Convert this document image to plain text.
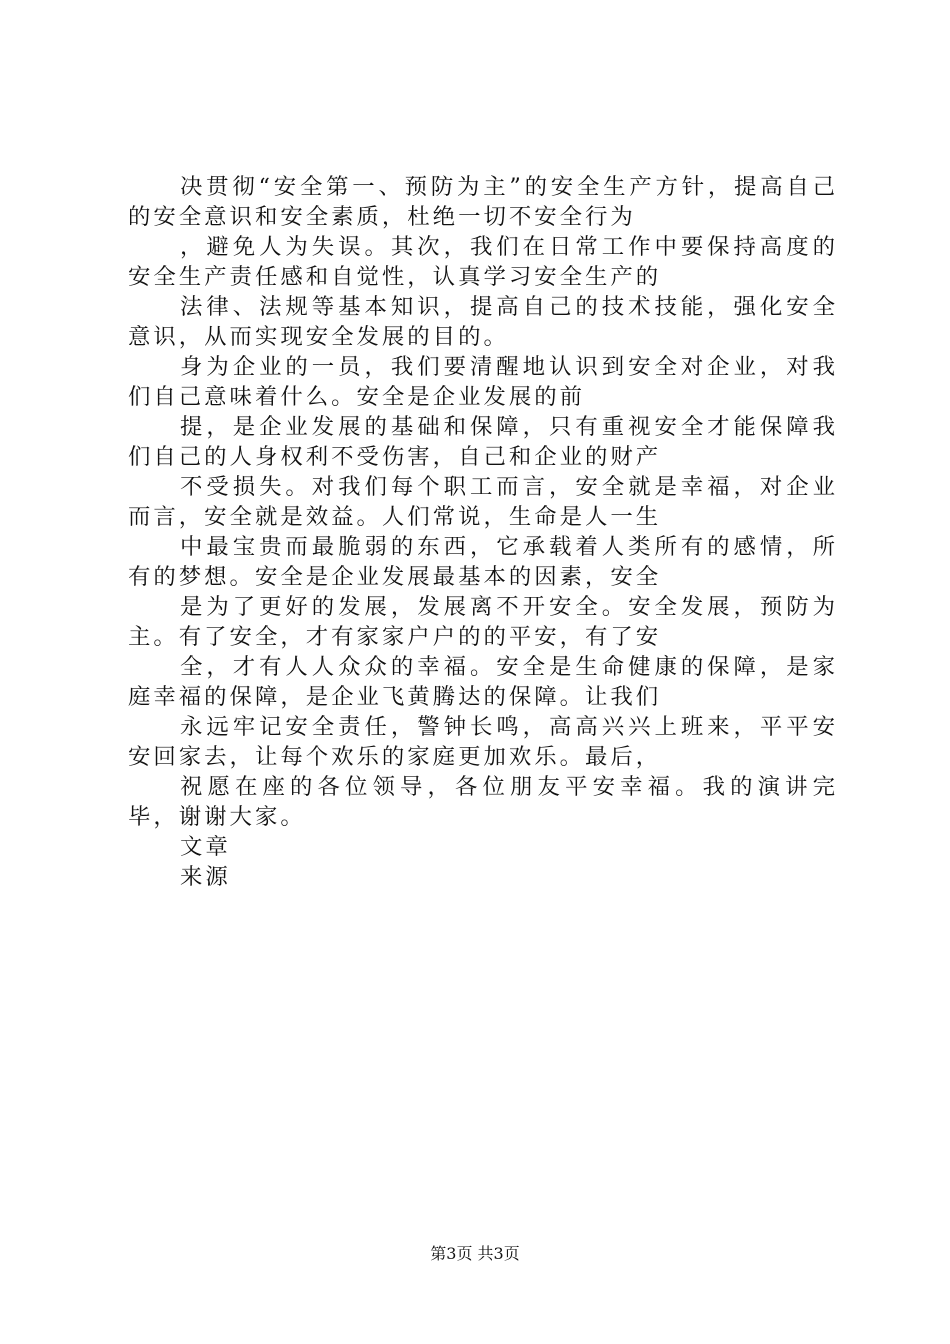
决贯彻“安全第一、预防为主”的安全生产方针，提高自己的安全意识和安全素质，杜绝一切不安全行为

，避免人为失误。其次，我们在日常工作中要保持高度的安全生产责任感和自觉性，认真学习安全生产的

法律、法规等基本知识，提高自己的技术技能，强化安全意识，从而实现安全发展的目的。

身为企业的一员，我们要清醒地认识到安全对企业，对我们自己意味着什么。安全是企业发展的前

提，是企业发展的基础和保障，只有重视安全才能保障我们自己的人身权利不受伤害，自己和企业的财产

不受损失。对我们每个职工而言，安全就是幸福，对企业而言，安全就是效益。人们常说，生命是人一生

中最宝贵而最脆弱的东西，它承载着人类所有的感情，所有的梦想。安全是企业发展最基本的因素，安全

是为了更好的发展，发展离不开安全。安全发展，预防为主。有了安全，才有家家户户的的平安，有了安

全，才有人人众众的幸福。安全是生命健康的保障，是家庭幸福的保障，是企业飞黄腾达的保障。让我们

永远牢记安全责任，警钟长鸣，高高兴兴上班来，平平安安回家去，让每个欢乐的家庭更加欢乐。最后，

祝愿在座的各位领导，各位朋友平安幸福。我的演讲完毕，谢谢大家。

文章

来源

第3页 共3页
